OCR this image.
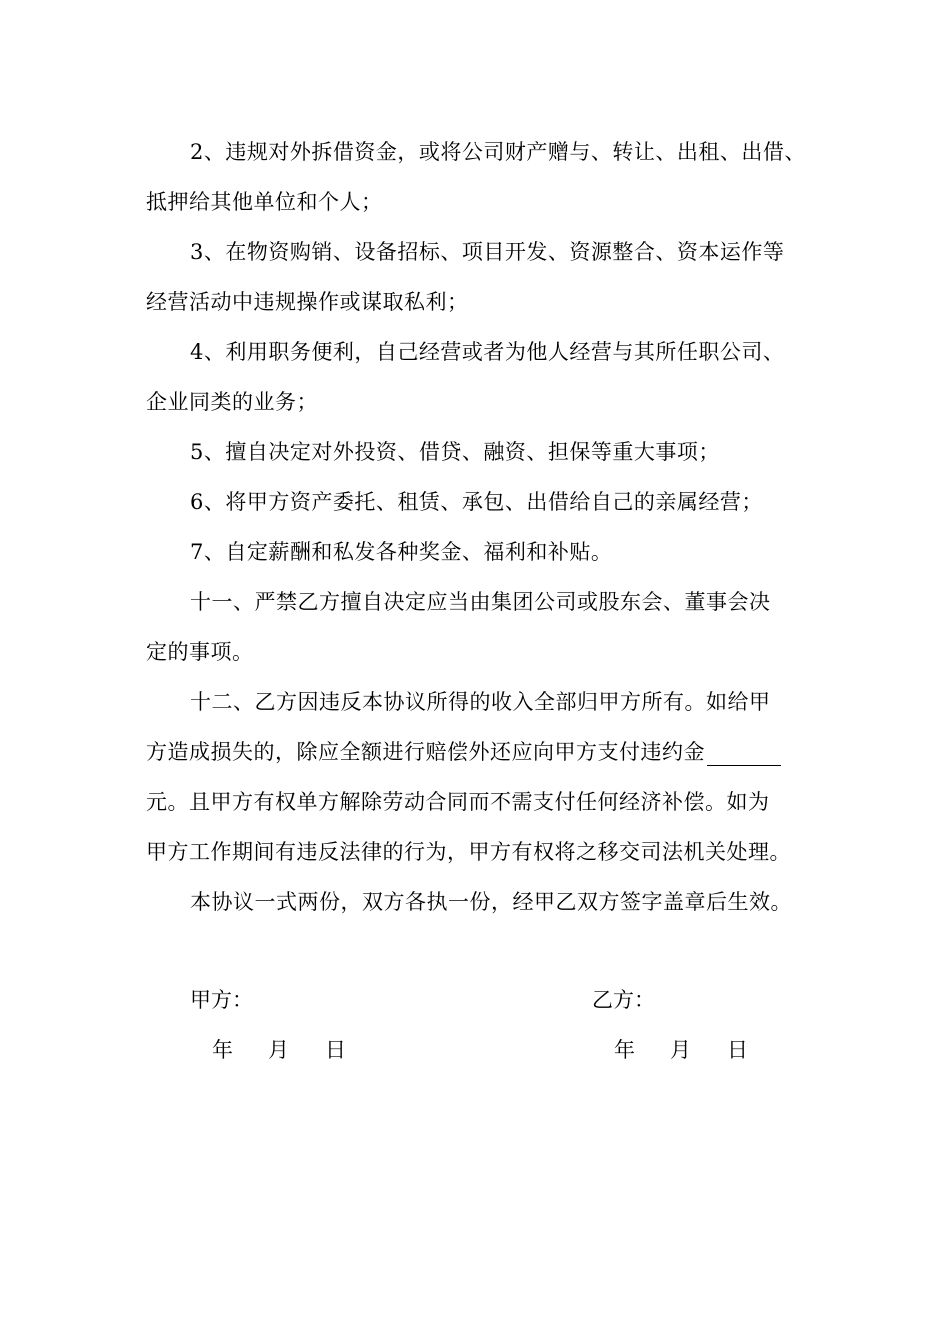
2、违规对外拆借资金，或将公司财产赠与、转让、出租、出借、
抵押给其他单位和个人；
3、在物资购销、设备招标、项目开发、资源整合、资本运作等
经营活动中违规操作或谋取私利；
4、利用职务便利，自己经营或者为他人经营与其所任职公司、
企业同类的业务；
5、擅自决定对外投资、借贷、融资、担保等重大事项；
6、将甲方资产委托、租赁、承包、出借给自己的亲属经营；
7、自定薪酬和私发各种奖金、福利和补贴。
十一、严禁乙方擅自决定应当由集团公司或股东会、董事会决
定的事项。
十二、乙方因违反本协议所得的收入全部归甲方所有。如给甲
方造成损失的，除应全额进行赔偿外还应向甲方支付违约金
元。且甲方有权单方解除劳动合同而不需支付任何经济补偿。如为
甲方工作期间有违反法律的行为，甲方有权将之移交司法机关处理。
本协议一式两份，双方各执一份，经甲乙双方签字盖章后生效。
甲方：	乙方：
年 月 日	年 月 日
